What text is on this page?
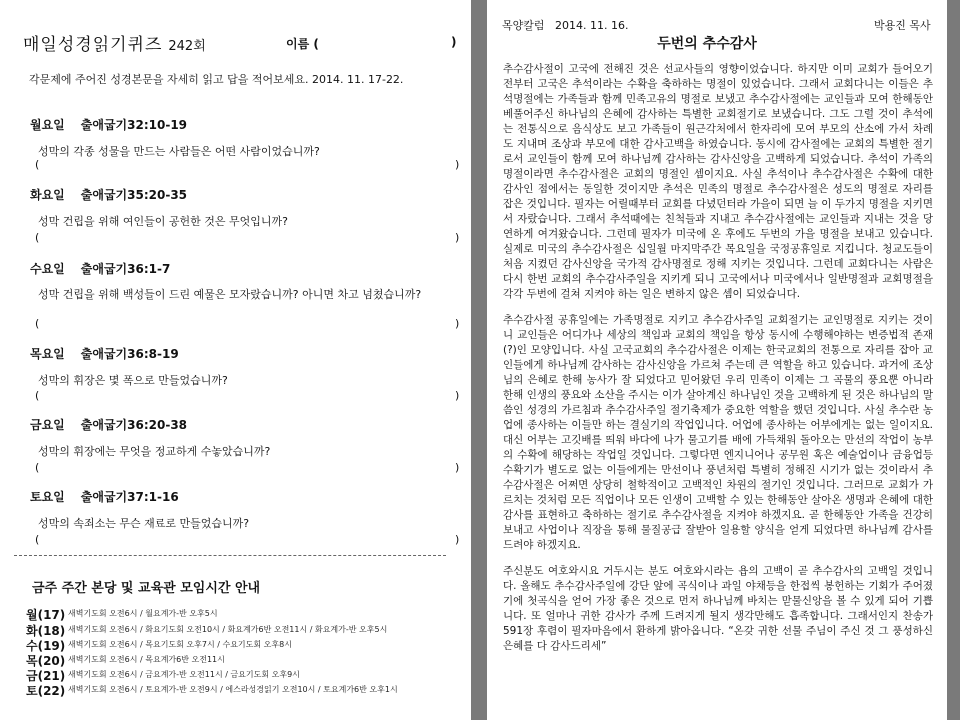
매일성경읽기퀴즈 242회	이름 (	)
각문제에 주어진 성경본문을 자세히 읽고 답을 적어보세요. 2014. 11. 17-22.
월요일 출애굽기32:10-19
성막의 각종 성물을 만드는 사람들은 어떤 사람이었습니까?
(	)
화요일 출애굽기35:20-35
성막 건립을 위해 여인들이 공헌한 것은 무엇입니까?
(	)
수요일 출애굽기36:1-7
성막 건립을 위해 백성들이 드린 예물은 모자랐습니까? 아니면 차고 넘쳤습니까?
(	)
목요일 출애굽기36:8-19
성막의 휘장은 몇 폭으로 만들었습니까?
(	)
금요일 출애굽기36:20-38
성막의 휘장에는 무엇을 정교하게 수놓았습니까?
(	)
토요일 출애굽기37:1-16
성막의 속죄소는 무슨 재료로 만들었습니까?
(	)
금주 주간 본당 및 교육관 모임시간 안내
월(17) 새벽기도회 오전6시 / 월요계가-반 오후5시
화(18) 새벽기도회 오전6시 / 화요기도회 오전10시 / 화요계가6반 오전11시 / 화요계가-반 오후5시
수(19) 새벽기도회 오전6시 / 목요기도회 오후7시 / 수요기도회 오후8시
목(20) 새벽기도회 오전6시 / 목요계가6반 오전11시
금(21) 새벽기도회 오전6시 / 금요계가-반 오전11시 / 금요기도회 오후9시
토(22) 새벽기도회 오전6시 / 토요계가-반 오전9시 / 에스라성경읽기 오전10시 / 토요계가6반 오후1시
목양칼럼 2014. 11. 16.	박용진 목사
두번의 추수감사

추수감사절이 고국에 전해진 것은 선교사들의 영향이었습니다. 하지만 이미 교회가 들어오기 전부터 고국은 추석이라는 수확을 축하하는 명절이 있었습니다. 그래서 교회다니는 이들은 추석명절에는 가족들과 함께 민족고유의 명절로 보냈고 추수감사절에는 교인들과 모여 한해동안 베풀어주신 하나님의 은혜에 감사하는 특별한 교회절기로 보냈습니다. 그도 그럴 것이 추석에는 전통식으로 음식상도 보고 가족들이 원근각처에서 한자리에 모여 부모의 산소에 가서 차례도 지내며 조상과 부모에 대한 감사고백을 하였습니다. 동시에 감사절에는 교회의 특별한 절기로서 교인들이 함께 모여 하나님께 감사하는 감사신앙을 고백하게 되었습니다. 추석이 가족의 명절이라면 추수감사절은 교회의 명절인 셈이지요. 사실 추석이나 추수감사절은 수확에 대한 감사인 점에서는 동일한 것이지만 추석은 민족의 명절로 추수감사절은 성도의 명절로 자리를 잡은 것입니다. 필자는 어릴때부터 교회를 다녔던터라 가을이 되면 늘 이 두가지 명절을 지키면서 자랐습니다. 그래서 추석때에는 친척들과 지내고 추수감사절에는 교인들과 지내는 것을 당연하게 여겨왔습니다. 그런데 필자가 미국에 온 후에도 두번의 가을 명절을 보내고 있습니다. 실제로 미국의 추수감사절은 십일월 마지막주간 목요일을 국정공휴일로 지킵니다. 청교도들이 처음 지켰던 감사신앙을 국가적 감사명절로 정해 지키는 것입니다. 그런데 교회다니는 사람은 다시 한번 교회의 추수감사주일을 지키게 되니 고국에서나 미국에서나 일반명절과 교회명절을 각각 두번에 걸쳐 지켜야 하는 일은 변하지 않은 셈이 되었습니다.

추수감사절 공휴일에는 가족명절로 지키고 추수감사주일 교회절기는 교인명절로 지키는 것이니 교인들은 어디가나 세상의 책임과 교회의 책임을 항상 동시에 수행해야하는 변증법적 존재(?)인 모양입니다. 사실 고국교회의 추수감사절은 이제는 한국교회의 전통으로 자리를 잡아 교인들에게 하나님께 감사하는 감사신앙을 가르쳐 주는데 큰 역할을 하고 있습니다. 과거에 조상님의 은혜로 한해 농사가 잘 되었다고 믿어왔던 우리 민족이 이제는 그 곡물의 풍요뿐 아니라 한해 인생의 풍요와 소산을 주시는 이가 살아계신 하나님인 것을 고백하게 된 것은 하나님의 말씀인 성경의 가르침과 추수감사주일 절기축제가 중요한 역할을 했던 것입니다. 사실 추수란 농업에 종사하는 이들만 하는 결실기의 작업입니다. 어업에 종사하는 어부에게는 없는 일이지요. 대신 어부는 고깃배를 띄워 바다에 나가 물고기를 배에 가득채워 돌아오는 만선의 작업이 농부의 수확에 해당하는 작업일 것입니다. 그렇다면 엔지니어나 공무원 혹은 예술업이나 금융업등 수확기가 별도로 없는 이들에게는 만선이나 풍년처럼 특별히 정해진 시기가 없는 것이라서 추수감사절은 어쩌면 상당히 철학적이고 고백적인 차원의 절기인 것입니다. 그러므로 교회가 가르치는 것처럼 모든 직업이나 모든 인생이 고백할 수 있는 한해동안 살아온 생명과 은혜에 대한 감사를 표현하고 축하하는 절기로 추수감사절을 지켜야 하겠지요. 곧 한해동안 가족을 건강히 보내고 사업이나 직장을 통해 물질공급 잘받아 일용할 양식을 얻게 되었다면 하나님께 감사를 드려야 하겠지요.

주신분도 여호와시요 거두시는 분도 여호와시라는 욥의 고백이 곧 추수감사의 고백일 것입니다. 올해도 추수감사주일에 강단 앞에 곡식이나 과일 야채등을 한접씩 봉헌하는 기회가 주어졌기에 첫곡식을 얻어 가장 좋은 것으로 먼저 하나님께 바치는 맏물신앙을 볼 수 있게 되어 기쁩니다. 또 얼마나 귀한 감사가 주께 드려지게 될지 생각만해도 흡족합니다. 그래서인지 찬송가591장 후렴이 필자마음에서 환하게 밝아옵니다. “온갖 귀한 선물 주님이 주신 것 그 풍성하신 은혜를 다 감사드리세”
